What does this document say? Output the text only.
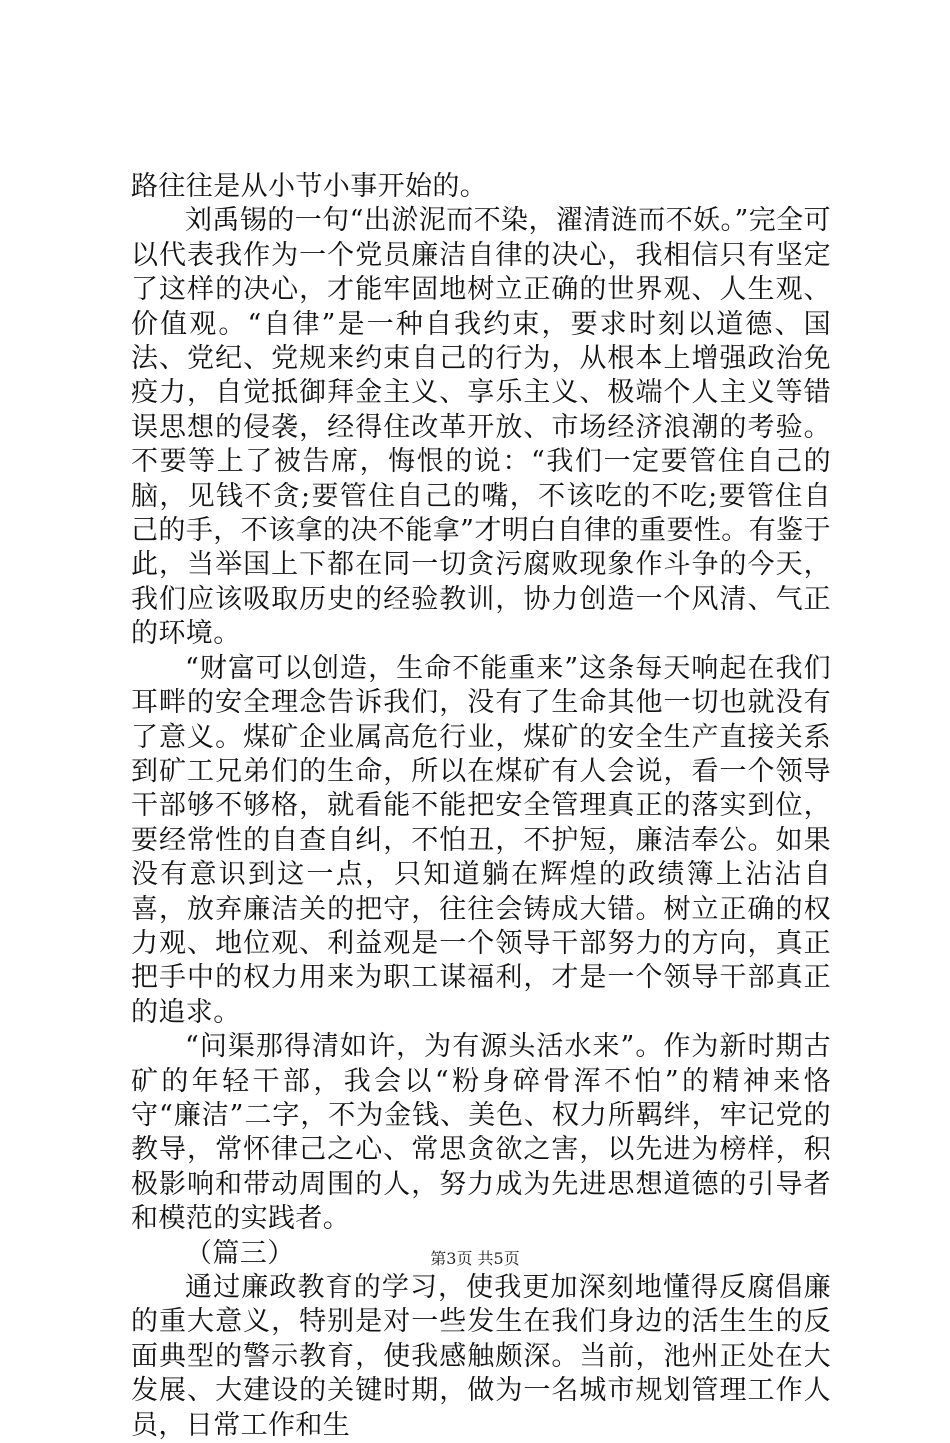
路往往是从小节小事开始的。

刘禹锡的一句“出淤泥而不染，濯清涟而不妖。”完全可以代表我作为一个党员廉洁自律的决心，我相信只有坚定了这样的决心，才能牢固地树立正确的世界观、人生观、价值观。“自律”是一种自我约束，要求时刻以道德、国法、党纪、党规来约束自己的行为，从根本上增强政治免疫力，自觉抵御拜金主义、享乐主义、极端个人主义等错误思想的侵袭，经得住改革开放、市场经济浪潮的考验。不要等上了被告席，悔恨的说：“我们一定要管住自己的脑，见钱不贪;要管住自己的嘴，不该吃的不吃;要管住自己的手，不该拿的决不能拿”才明白自律的重要性。有鉴于此，当举国上下都在同一切贪污腐败现象作斗争的今天，我们应该吸取历史的经验教训，协力创造一个风清、气正的环境。

“财富可以创造，生命不能重来”这条每天响起在我们耳畔的安全理念告诉我们，没有了生命其他一切也就没有了意义。煤矿企业属高危行业，煤矿的安全生产直接关系到矿工兄弟们的生命，所以在煤矿有人会说，看一个领导干部够不够格，就看能不能把安全管理真正的落实到位，要经常性的自查自纠，不怕丑，不护短，廉洁奉公。如果没有意识到这一点，只知道躺在辉煌的政绩簿上沾沾自喜，放弃廉洁关的把守，往往会铸成大错。树立正确的权力观、地位观、利益观是一个领导干部努力的方向，真正把手中的权力用来为职工谋福利，才是一个领导干部真正的追求。

“问渠那得清如许，为有源头活水来”。作为新时期古矿的年轻干部，我会以“粉身碎骨浑不怕”的精神来恪守“廉洁”二字，不为金钱、美色、权力所羁绊，牢记党的教导，常怀律己之心、常思贪欲之害，以先进为榜样，积极影响和带动周围的人，努力成为先进思想道德的引导者和模范的实践者。

（篇三）

通过廉政教育的学习，使我更加深刻地懂得反腐倡廉的重大意义，特别是对一些发生在我们身边的活生生的反面典型的警示教育，使我感触颇深。当前，池州正处在大发展、大建设的关键时期，做为一名城市规划管理工作人员，日常工作和生

第3页 共5页
